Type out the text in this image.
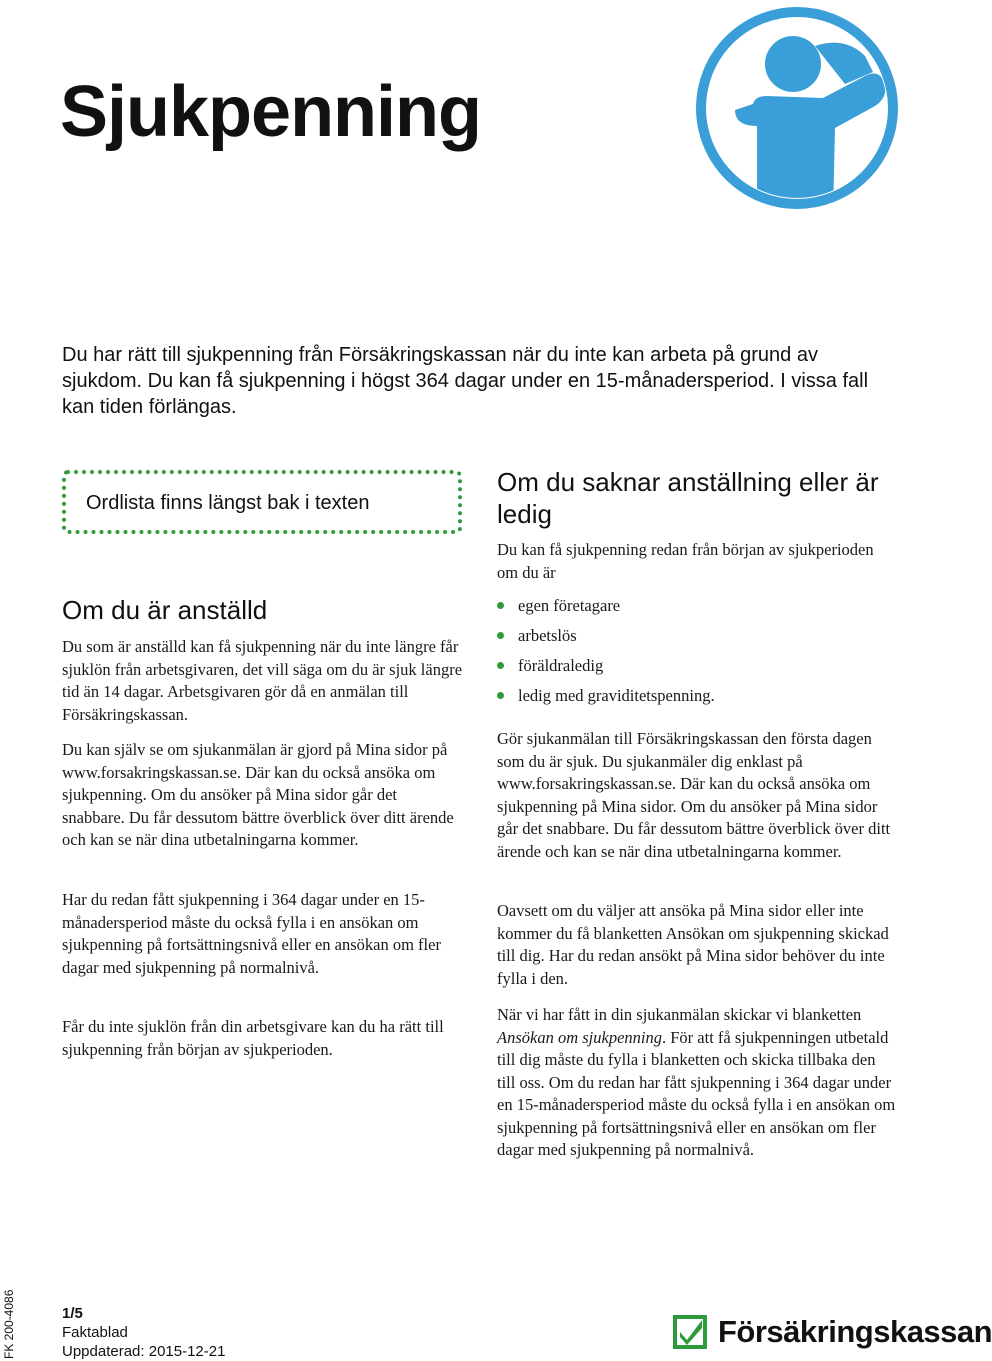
Sjukpenning

Du har rätt till sjukpenning från Försäkringskassan när du inte kan arbeta på grund av sjukdom. Du kan få sjukpenning i högst 364 dagar under en 15-månadersperiod. I vissa fall kan tiden förlängas.

Ordlista finns längst bak i texten
Om du är anställd

Du som är anställd kan få sjukpenning när du inte längre får sjuklön från arbetsgivaren, det vill säga om du är sjuk längre tid än 14 dagar. Arbetsgivaren gör då en anmälan till Försäkringskassan.

Du kan själv se om sjukanmälan är gjord på Mina sidor på www.forsakringskassan.se. Där kan du också ansöka om sjukpenning. Om du ansöker på Mina sidor går det snabbare. Du får dessutom bättre överblick över ditt ärende och kan se när dina utbetalningarna kommer.

Har du redan fått sjukpenning i 364 dagar under en 15-månadersperiod måste du också fylla i en ansökan om sjukpenning på fortsättningsnivå eller en ansökan om fler dagar med sjukpenning på normalnivå.

Får du inte sjuklön från din arbetsgivare kan du ha rätt till sjukpenning från början av sjukperioden.

Om du saknar anställning eller är ledig

Du kan få sjukpenning redan från början av sjukperioden om du är

egen företagare
arbetslös
föräldraledig
ledig med graviditetspenning.

Gör sjukanmälan till Försäkringskassan den första dagen som du är sjuk. Du sjukanmäler dig enklast på www.forsakringskassan.se. Där kan du också ansöka om sjukpenning på Mina sidor. Om du ansöker på Mina sidor går det snabbare. Du får dessutom bättre överblick över ditt ärende och kan se när dina utbetalningarna kommer.

Oavsett om du väljer att ansöka på Mina sidor eller inte kommer du få blanketten Ansökan om sjukpenning skickad till dig. Har du redan ansökt på Mina sidor behöver du inte fylla i den.

När vi har fått in din sjukanmälan skickar vi blanketten Ansökan om sjukpenning. För att få sjukpenningen utbetald till dig måste du fylla i blanketten och skicka tillbaka den till oss. Om du redan har fått sjukpenning i 364 dagar under en 15-månadersperiod måste du också fylla i en ansökan om sjukpenning på fortsättningsnivå eller en ansökan om fler dagar med sjukpenning på normalnivå.

FK 200-4086	1/5
Faktablad
Uppdaterad: 2015-12-21
Försäkringskassan
